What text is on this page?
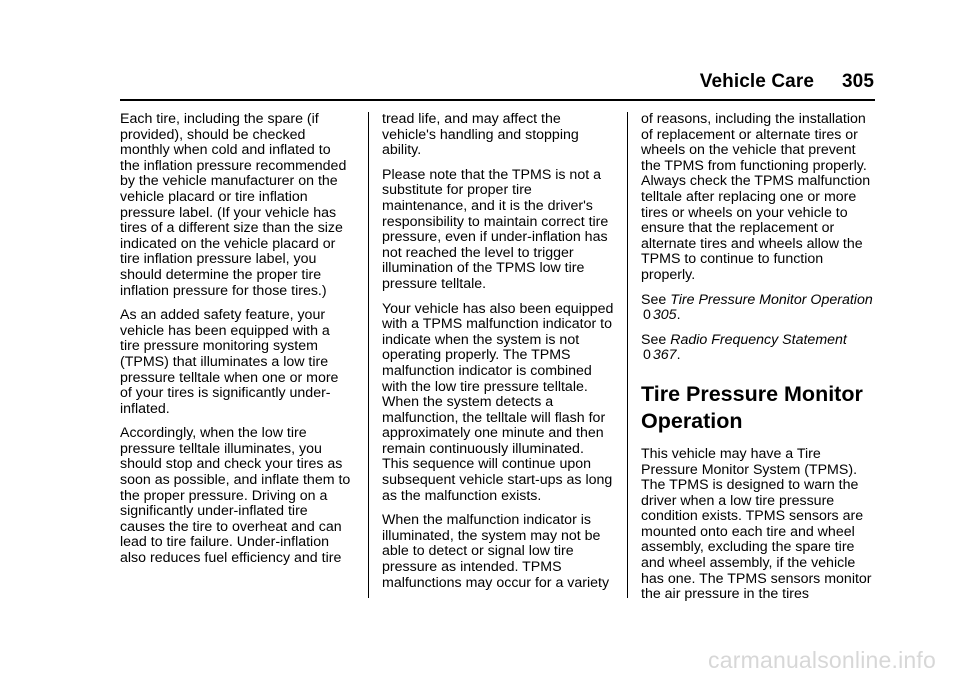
Vehicle Care 305

Each tire, including the spare (if provided), should be checked monthly when cold and inflated to the inflation pressure recommended by the vehicle manufacturer on the vehicle placard or tire inflation pressure label. (If your vehicle has tires of a different size than the size indicated on the vehicle placard or tire inflation pressure label, you should determine the proper tire inflation pressure for those tires.)

As an added safety feature, your vehicle has been equipped with a tire pressure monitoring system (TPMS) that illuminates a low tire pressure telltale when one or more of your tires is significantly under-inflated.

Accordingly, when the low tire pressure telltale illuminates, you should stop and check your tires as soon as possible, and inflate them to the proper pressure. Driving on a significantly under-inflated tire causes the tire to overheat and can lead to tire failure. Under-inflation also reduces fuel efficiency and tire

tread life, and may affect the vehicle's handling and stopping ability.

Please note that the TPMS is not a substitute for proper tire maintenance, and it is the driver's responsibility to maintain correct tire pressure, even if under-inflation has not reached the level to trigger illumination of the TPMS low tire pressure telltale.

Your vehicle has also been equipped with a TPMS malfunction indicator to indicate when the system is not operating properly. The TPMS malfunction indicator is combined with the low tire pressure telltale. When the system detects a malfunction, the telltale will flash for approximately one minute and then remain continuously illuminated. This sequence will continue upon subsequent vehicle start-ups as long as the malfunction exists.

When the malfunction indicator is illuminated, the system may not be able to detect or signal low tire pressure as intended. TPMS malfunctions may occur for a variety

of reasons, including the installation of replacement or alternate tires or wheels on the vehicle that prevent the TPMS from functioning properly. Always check the TPMS malfunction telltale after replacing one or more tires or wheels on your vehicle to ensure that the replacement or alternate tires and wheels allow the TPMS to continue to function properly.

See Tire Pressure Monitor Operation 0 305.

See Radio Frequency Statement
0 367.

Tire Pressure Monitor Operation

This vehicle may have a Tire Pressure Monitor System (TPMS). The TPMS is designed to warn the driver when a low tire pressure condition exists. TPMS sensors are mounted onto each tire and wheel assembly, excluding the spare tire and wheel assembly, if the vehicle has one. The TPMS sensors monitor the air pressure in the tires

carmanualsonline.info
